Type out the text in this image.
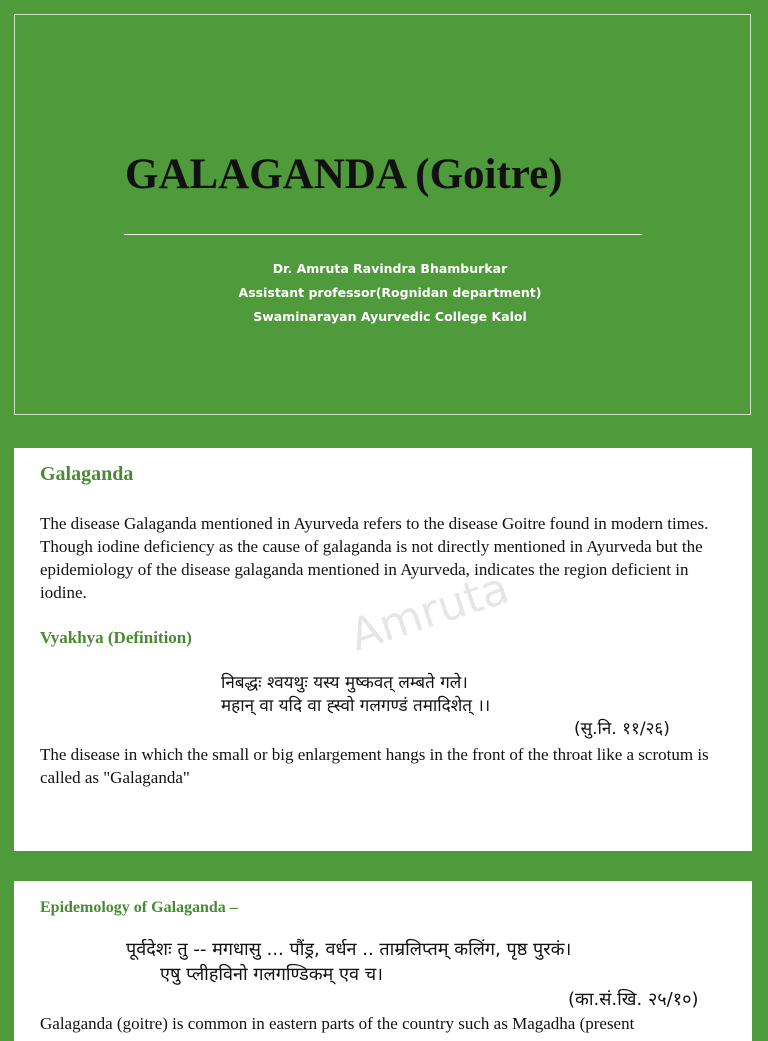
GALAGANDA (Goitre)
Dr. Amruta Ravindra Bhamburkar
Assistant professor(Rognidan department)
Swaminarayan Ayurvedic College Kalol
Amruta
Galaganda
The disease Galaganda mentioned in Ayurveda refers to the disease Goitre found in modern times. Though iodine deficiency as the cause of galaganda is not directly mentioned in Ayurveda but the epidemiology of the disease galaganda mentioned in Ayurveda, indicates the region deficient in iodine.
Vyakhya (Definition)
निबद्धः श्वयथुः यस्य मुष्कवत् लम्बते गले।
महान् वा यदि वा ह्स्वो गलगण्डं तमादिशेत् ।।
(सु.नि. ११/२६)
The disease in which the small or big enlargement hangs in the front of the throat like a scrotum is called as "Galaganda"
Epidemology of Galaganda –
पूर्वदेशः तु -- मगधासु ... पौंड्र, वर्धन .. ताम्रलिप्तम् कलिंग, पृष्ठ पुरकं।
एषु प्लीहविनो गलगण्डिकम् एव च।
(का.सं.खि. २५/१०)
Galaganda (goitre) is common in eastern parts of the country such as Magadha (present
